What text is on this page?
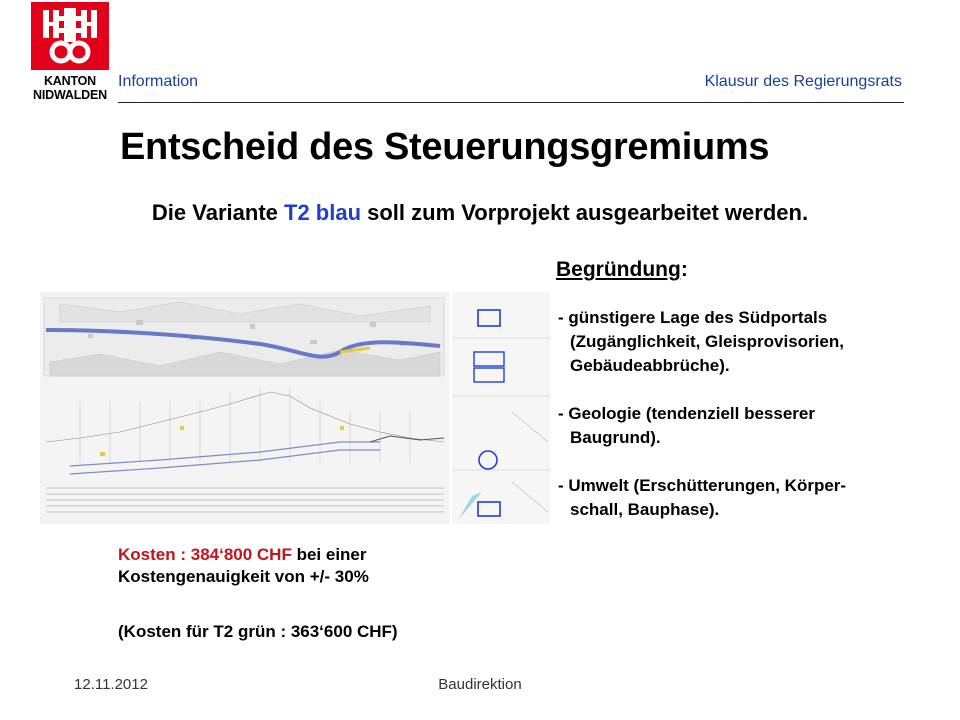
KANTON
NIDWALDEN
Information	Klausur des Regierungsrats
Entscheid des Steuerungsgremiums
Die Variante T2 blau soll zum Vorprojekt ausgearbeitet werden.
Begründung:
- günstigere Lage des Südportals
(Zugänglichkeit, Gleisprovisorien,
Gebäudeabbrüche).
- Geologie (tendenziell besserer
Baugrund).
- Umwelt (Erschütterungen, Körper-
schall, Bauphase).
Kosten : 384‘800 CHF bei einer
Kostengenauigkeit von +/- 30%
(Kosten für T2 grün : 363‘600 CHF)
12.11.2012	Baudirektion
